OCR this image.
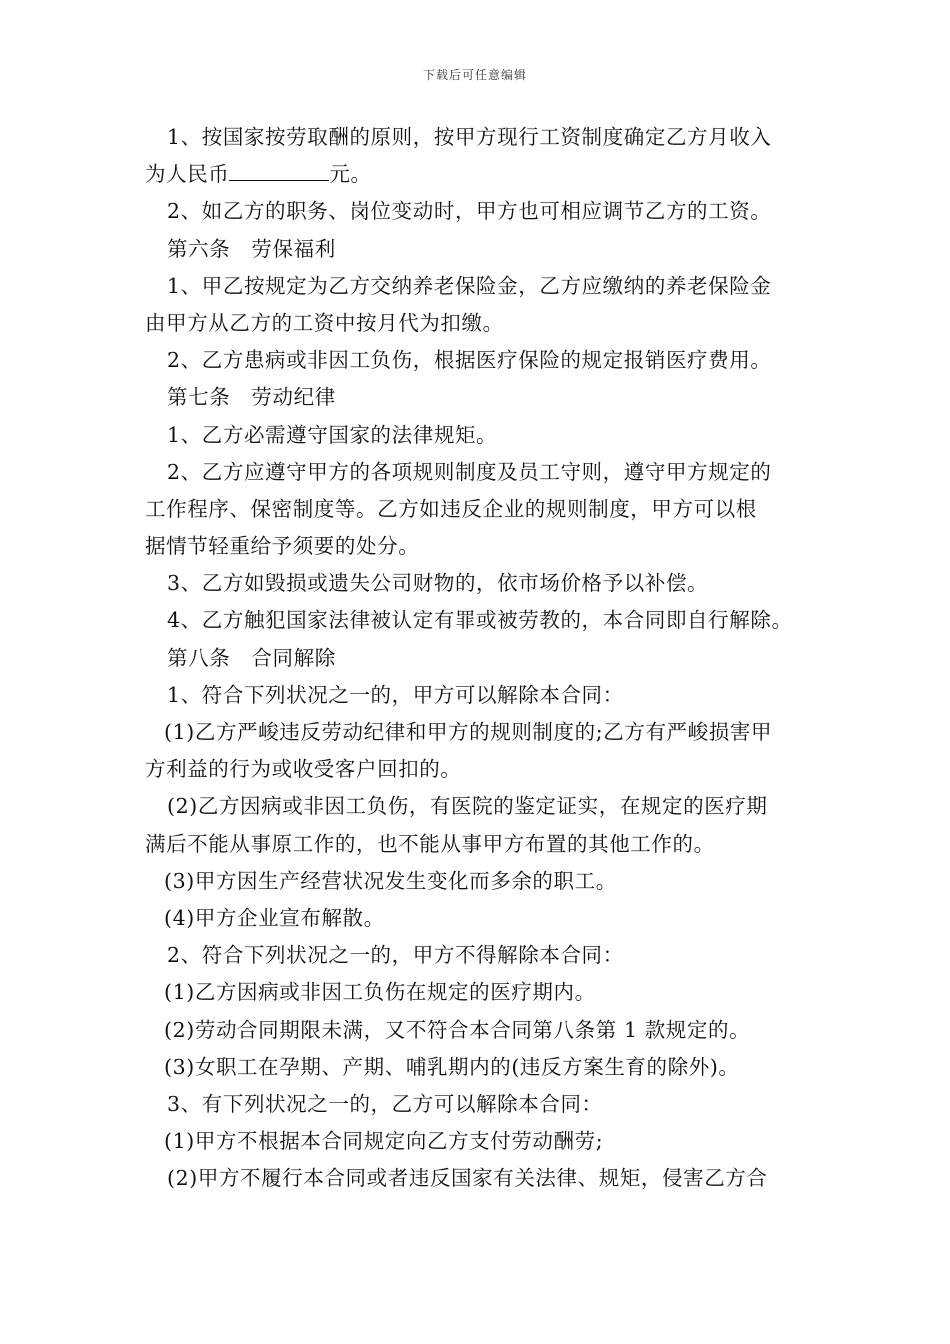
下载后可任意编辑
1、按国家按劳取酬的原则，按甲方现行工资制度确定乙方月收入
为人民币	元。
2、如乙方的职务、岗位变动时，甲方也可相应调节乙方的工资。
第六条　劳保福利
1、甲乙按规定为乙方交纳养老保险金，乙方应缴纳的养老保险金
由甲方从乙方的工资中按月代为扣缴。
2、乙方患病或非因工负伤，根据医疗保险的规定报销医疗费用。
第七条　劳动纪律
1、乙方必需遵守国家的法律规矩。
2、乙方应遵守甲方的各项规则制度及员工守则，遵守甲方规定的
工作程序、保密制度等。乙方如违反企业的规则制度，甲方可以根
据情节轻重给予须要的处分。
3、乙方如毁损或遗失公司财物的，依市场价格予以补偿。
4、乙方触犯国家法律被认定有罪或被劳教的，本合同即自行解除。
第八条　合同解除
1、符合下列状况之一的，甲方可以解除本合同：
(1)乙方严峻违反劳动纪律和甲方的规则制度的;乙方有严峻损害甲
方利益的行为或收受客户回扣的。
(2)乙方因病或非因工负伤，有医院的鉴定证实，在规定的医疗期
满后不能从事原工作的，也不能从事甲方布置的其他工作的。
(3)甲方因生产经营状况发生变化而多余的职工。
(4)甲方企业宣布解散。
2、符合下列状况之一的，甲方不得解除本合同：
(1)乙方因病或非因工负伤在规定的医疗期内。
(2)劳动合同期限未满，又不符合本合同第八条第 1 款规定的。
(3)女职工在孕期、产期、哺乳期内的(违反方案生育的除外)。
3、有下列状况之一的，乙方可以解除本合同：
(1)甲方不根据本合同规定向乙方支付劳动酬劳;
(2)甲方不履行本合同或者违反国家有关法律、规矩，侵害乙方合
